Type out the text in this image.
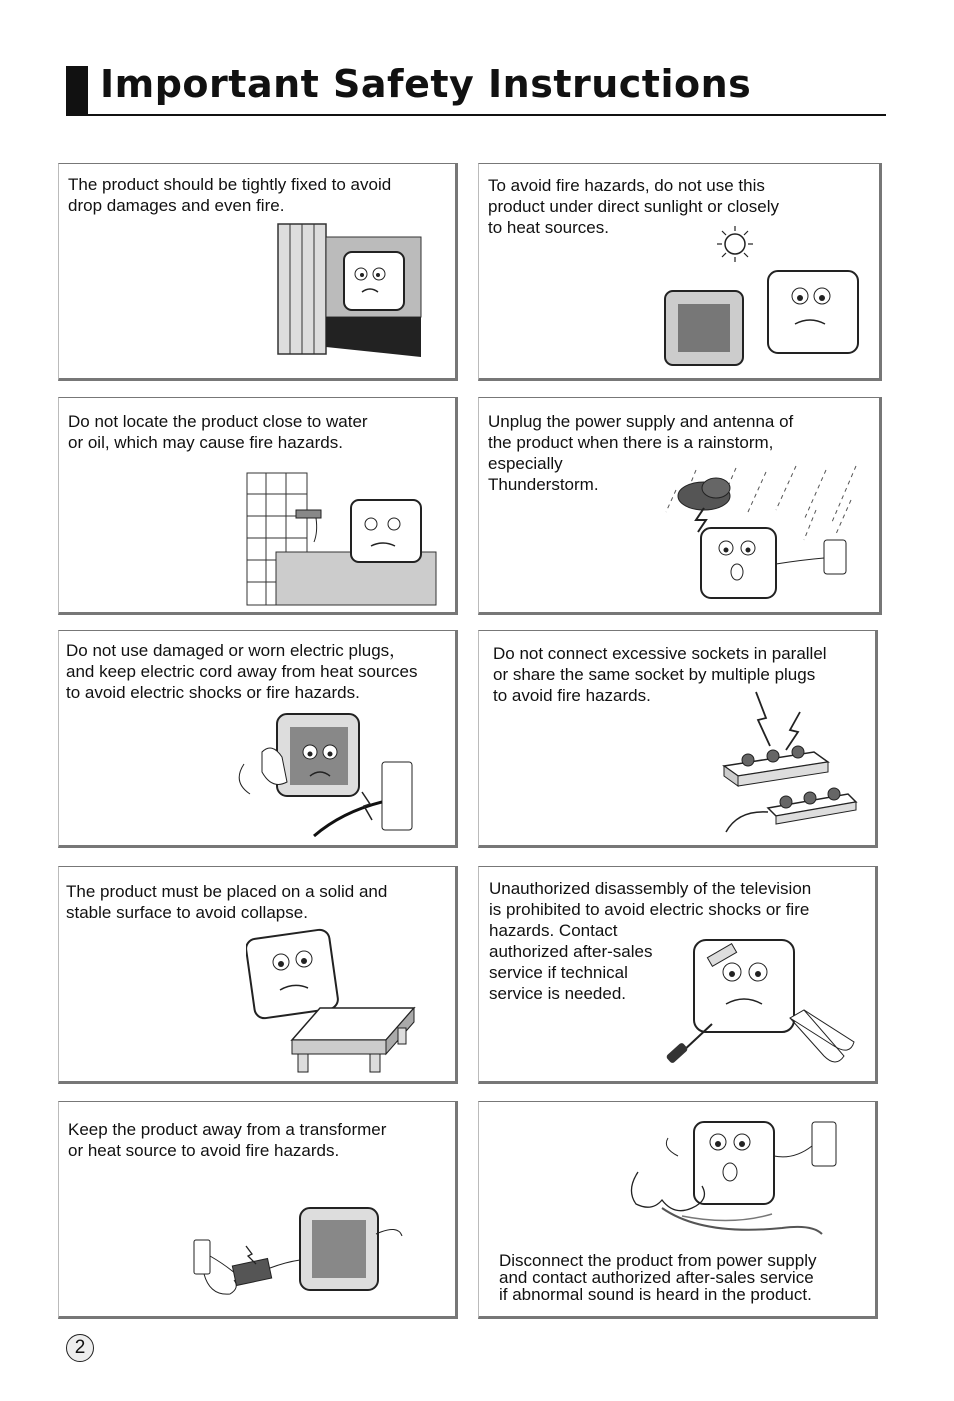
Important Safety Instructions
The product should be tightly fixed to avoid
drop damages and even fire.
To avoid fire hazards, do not use this
product under direct sunlight or closely
to heat sources.
Do not locate the product close to water
or oil, which may cause fire hazards.
Unplug the power supply and antenna of
the product when there is a rainstorm,
especially
Thunderstorm.
Do not use damaged or worn electric plugs，
and keep electric cord away from heat sources
to avoid electric shocks or fire hazards.
Do not connect excessive sockets in parallel
or share the same socket by multiple plugs
to avoid fire hazards.
The product must be placed on a solid and
stable surface to avoid collapse.
Unauthorized disassembly of the television
is prohibited to avoid electric shocks or fire
hazards. Contact
authorized after-sales
service if technical
service is needed.
Keep the product away from a transformer
or heat source to avoid fire hazards.
Disconnect the product from power supply
and contact authorized after-sales service
if abnormal sound is heard in the product.
2
